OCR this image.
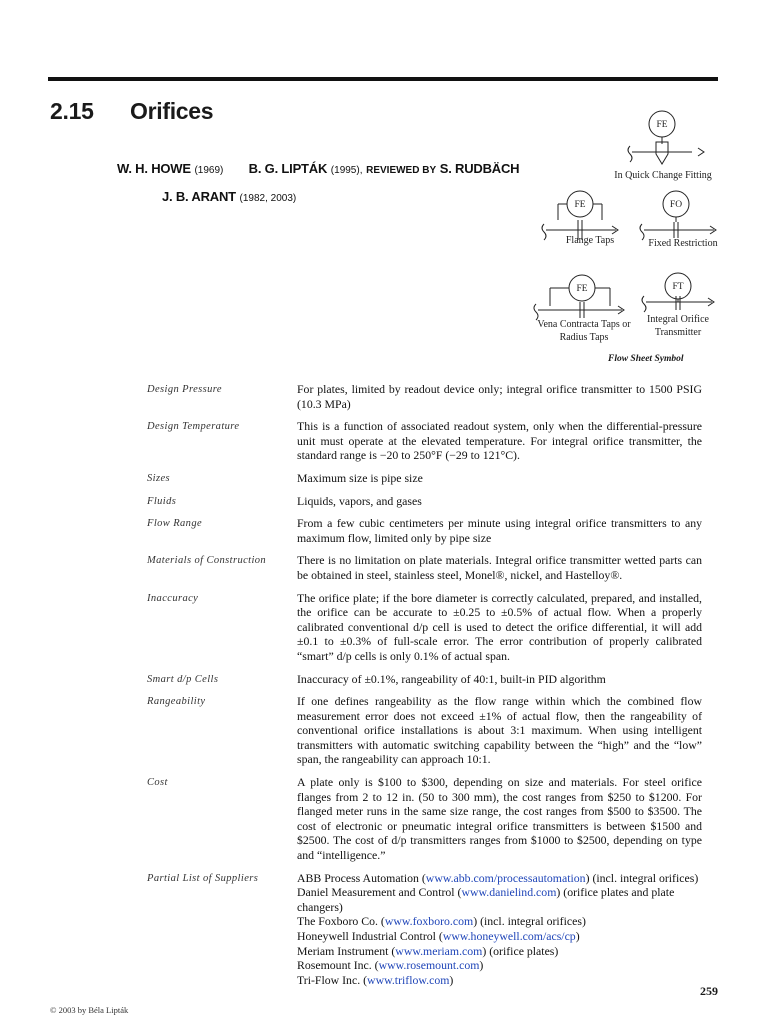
2.15 Orifices
W. H. HOWE (1969) B. G. LIPTÁK (1995), REVIEWED BY S. RUDBÄCH
J. B. ARANT (1982, 2003)
FE
FE	FO
FE	FT
In Quick Change Fitting
Flange Taps	Fixed Restriction
Vena Contracta Taps or Radius Taps
Integral Orifice Transmitter
Flow Sheet Symbol
Design Pressure	For plates, limited by readout device only; integral orifice transmitter to 1500 PSIG (10.3 MPa)
Design Temperature	This is a function of associated readout system, only when the differential-pressure unit must operate at the elevated temperature. For integral orifice transmitter, the standard range is −20 to 250°F (−29 to 121°C).
Sizes	Maximum size is pipe size
Fluids	Liquids, vapors, and gases
Flow Range	From a few cubic centimeters per minute using integral orifice transmitters to any maximum flow, limited only by pipe size
Materials of Construction	There is no limitation on plate materials. Integral orifice transmitter wetted parts can be obtained in steel, stainless steel, Monel®, nickel, and Hastelloy®.
Inaccuracy	The orifice plate; if the bore diameter is correctly calculated, prepared, and installed, the orifice can be accurate to ±0.25 to ±0.5% of actual flow. When a properly calibrated conventional d/p cell is used to detect the orifice differential, it will add ±0.1 to ±0.3% of full-scale error. The error contribution of properly calibrated “smart” d/p cells is only 0.1% of actual span.
Smart d/p Cells	Inaccuracy of ±0.1%, rangeability of 40:1, built-in PID algorithm
Rangeability	If one defines rangeability as the flow range within which the combined flow measurement error does not exceed ±1% of actual flow, then the rangeability of conventional orifice installations is about 3:1 maximum. When using intelligent transmitters with automatic switching capability between the “high” and the “low” span, the rangeability can approach 10:1.
Cost	A plate only is $100 to $300, depending on size and materials. For steel orifice flanges from 2 to 12 in. (50 to 300 mm), the cost ranges from $250 to $1200. For flanged meter runs in the same size range, the cost ranges from $500 to $3500. The cost of electronic or pneumatic integral orifice transmitters is between $1500 and $2500. The cost of d/p transmitters ranges from $1000 to $2500, depending on type and “intelligence.”
Partial List of Suppliers	ABB Process Automation (www.abb.com/processautomation) (incl. integral orifices)
Daniel Measurement and Control (www.danielind.com) (orifice plates and plate changers)
The Foxboro Co. (www.foxboro.com) (incl. integral orifices)
Honeywell Industrial Control (www.honeywell.com/acs/cp)
Meriam Instrument (www.meriam.com) (orifice plates)
Rosemount Inc. (www.rosemount.com)
Tri-Flow Inc. (www.triflow.com)
259
© 2003 by Béla Lipták
